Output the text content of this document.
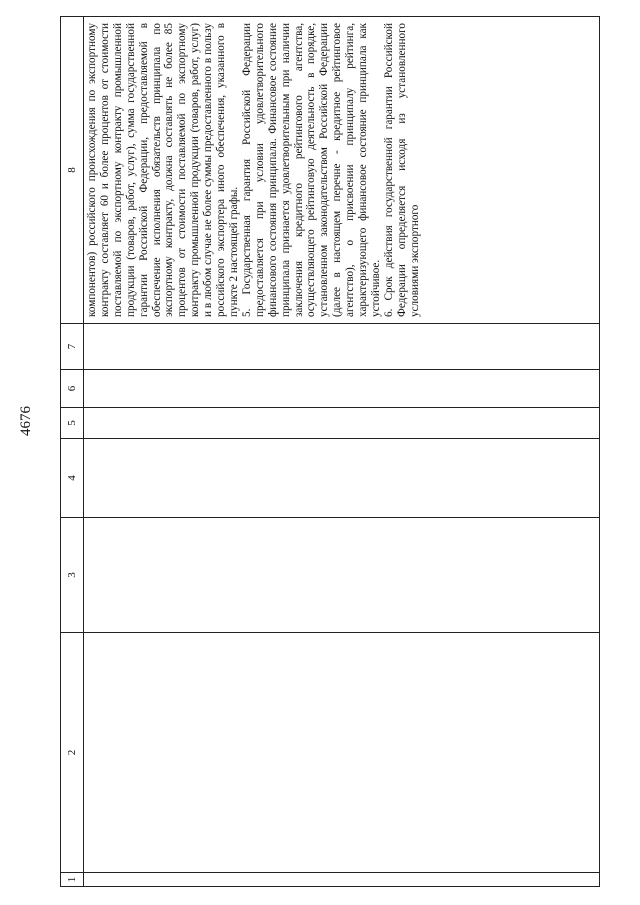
4676
1	2	3	4	5	6	7	8

							компонентов) российского происхождения по экспортному контракту составляет 60 и более процентов от стоимости поставляемой по экспортному контракту промышленной продукции (товаров, работ, услуг), сумма государственной гарантии Российской Федерации, предоставляемой в обеспечение исполнения обязательств принципала по экспортному контракту, должна составлять не более 85 процентов от стоимости поставляемой по экспортному контракту промышленной продукции (товаров, работ, услуг) и в любом случае не более суммы предоставленного в пользу российского экспортера иного обеспечения, указанного в пункте 2 настоящей графы. 5. Государственная гарантия Российской Федерации предоставляется при условии удовлетворительного финансового состояния принципала. Финансовое состояние принципала признается удовлетворительным при наличии заключения кредитного рейтингового агентства, осуществляющего рейтинговую деятельность в порядке, установленном законодательством Российской Федерации (далее в настоящем перечне - кредитное рейтинговое агентство), о присвоении принципалу рейтинга, характеризующего финансовое состояние принципала как устойчивое. 6. Срок действия государственной гарантии Российской Федерации определяется исходя из установленного условиями экспортного
